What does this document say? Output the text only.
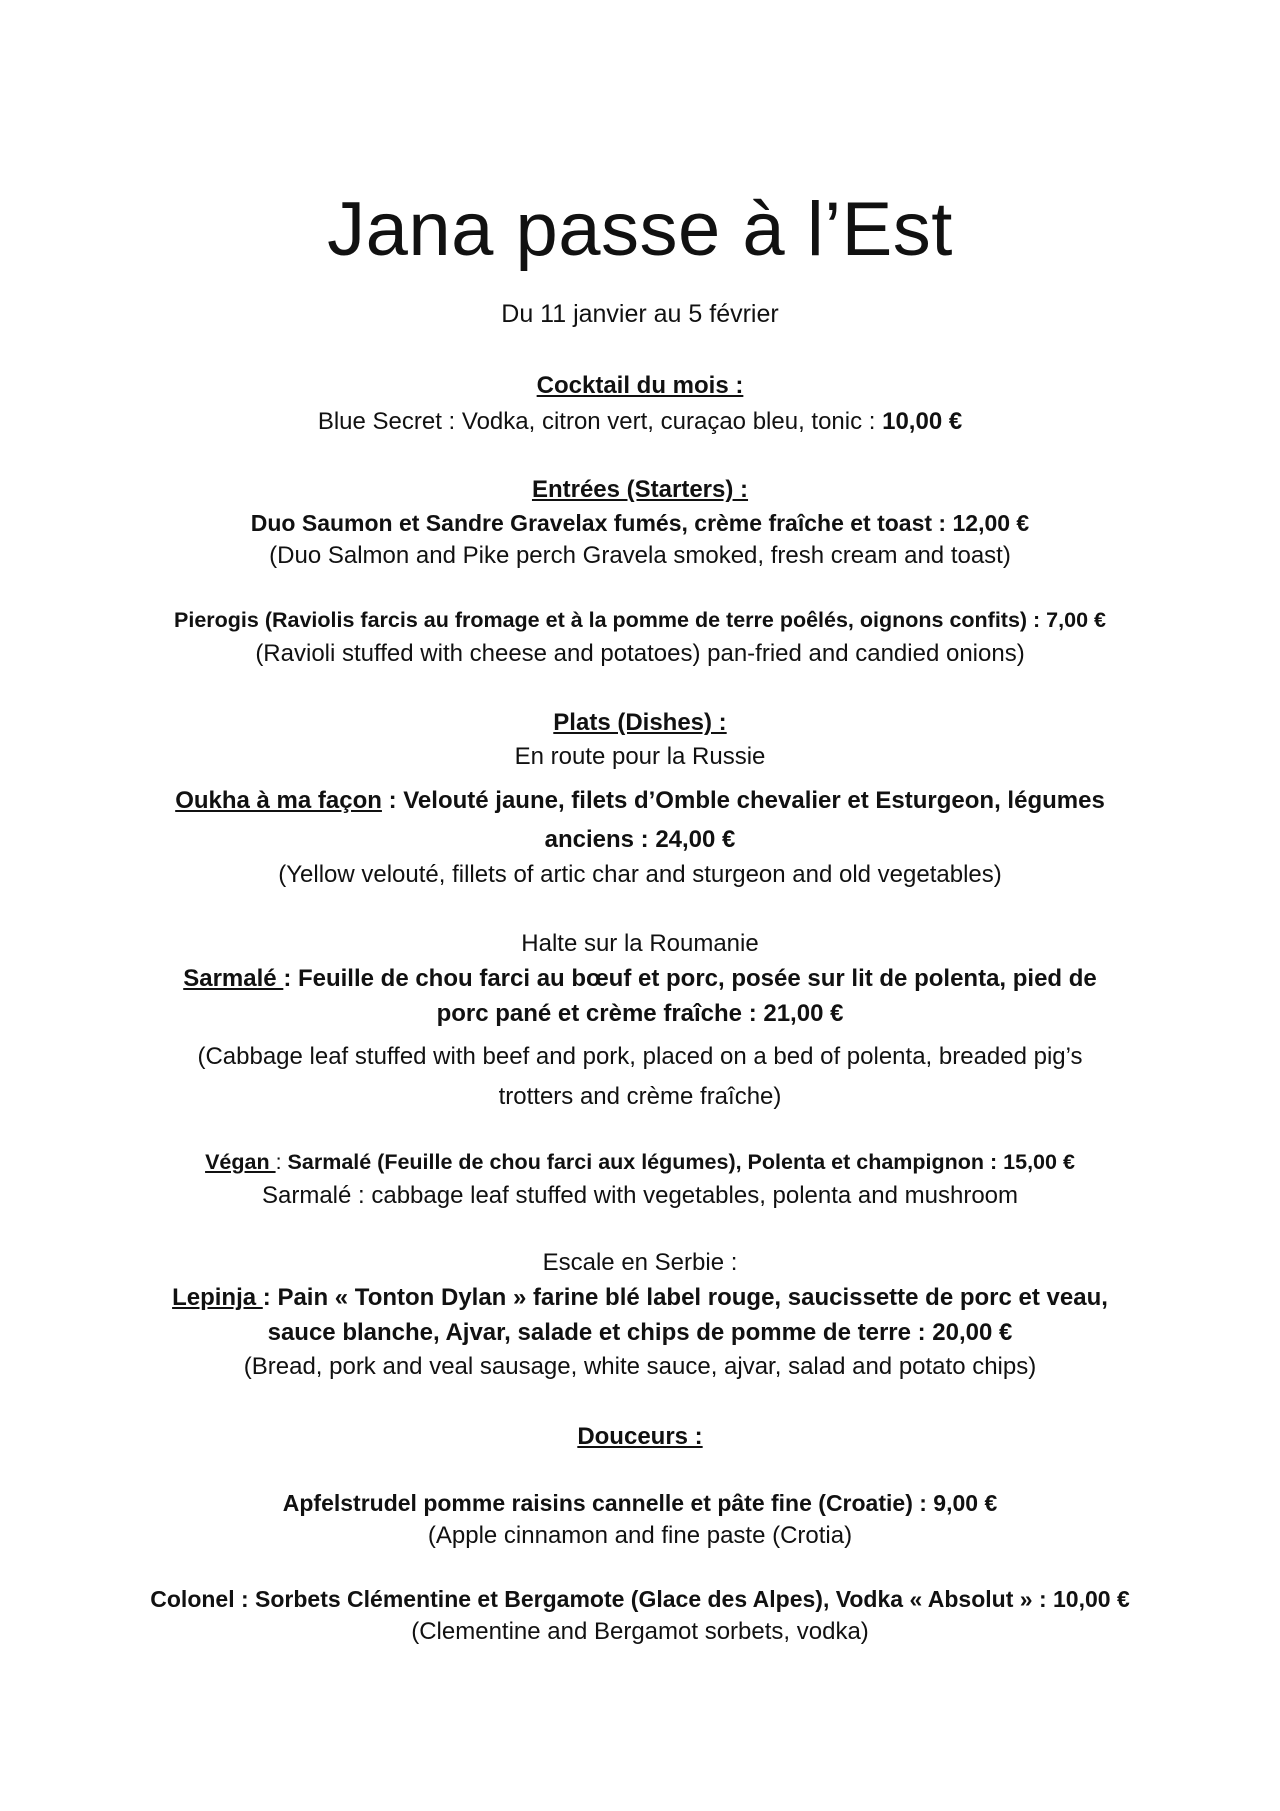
Jana passe à l’Est
Du 11 janvier au 5 février
Cocktail du mois :
Blue Secret : Vodka, citron vert, curaçao bleu, tonic : 10,00 €
Entrées (Starters) :
Duo Saumon et Sandre Gravelax fumés, crème fraîche et toast : 12,00 €
(Duo Salmon and Pike perch Gravela smoked, fresh cream and toast)
Pierogis (Raviolis farcis au fromage et à la pomme de terre poêlés, oignons confits) : 7,00 €
(Ravioli stuffed with cheese and potatoes) pan-fried and candied onions)
Plats (Dishes) :
En route pour la Russie
Oukha à ma façon : Velouté jaune, filets d’Omble chevalier et Esturgeon, légumes
anciens : 24,00 €
(Yellow velouté, fillets of artic char and sturgeon and old vegetables)
Halte sur la Roumanie
Sarmalé : Feuille de chou farci au bœuf et porc, posée sur lit de polenta, pied de
porc pané et crème fraîche : 21,00 €
(Cabbage leaf stuffed with beef and pork, placed on a bed of polenta, breaded pig’s
trotters and crème fraîche)
Végan : Sarmalé (Feuille de chou farci aux légumes), Polenta et champignon : 15,00 €
Sarmalé : cabbage leaf stuffed with vegetables, polenta and mushroom
Escale en Serbie :
Lepinja : Pain « Tonton Dylan » farine blé label rouge, saucissette de porc et veau,
sauce blanche, Ajvar, salade et chips de pomme de terre : 20,00 €
(Bread, pork and veal sausage, white sauce, ajvar, salad and potato chips)
Douceurs :
Apfelstrudel pomme raisins cannelle et pâte fine (Croatie) : 9,00 €
(Apple cinnamon and fine paste (Crotia)
Colonel : Sorbets Clémentine et Bergamote (Glace des Alpes), Vodka « Absolut » : 10,00 €
(Clementine and Bergamot sorbets, vodka)
